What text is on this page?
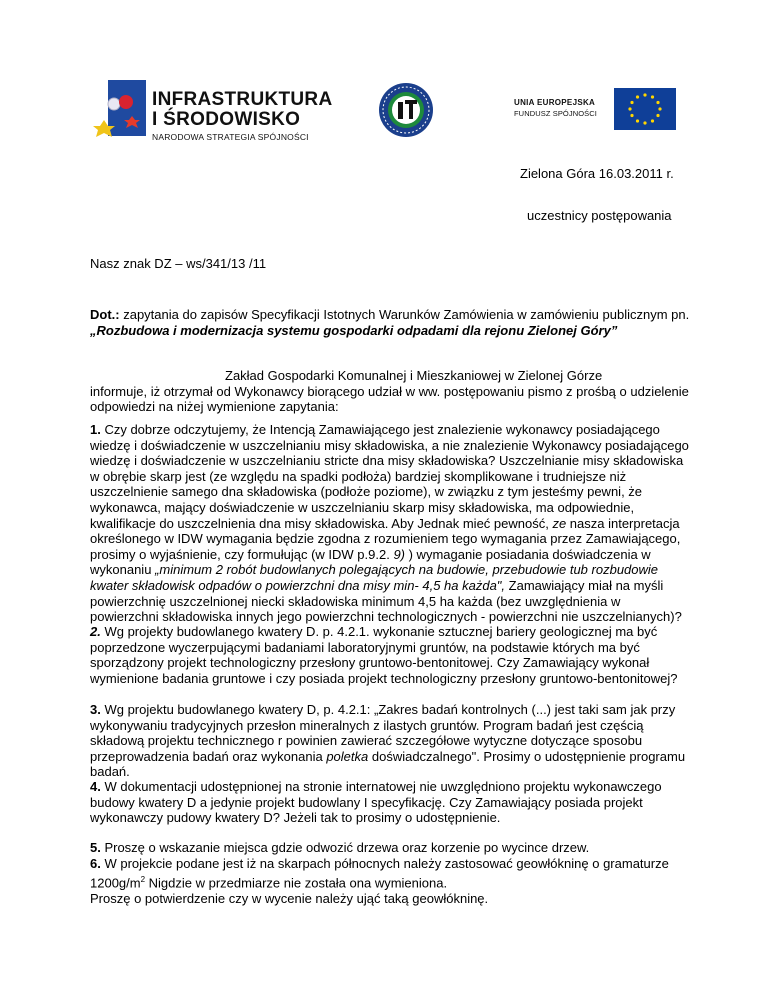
INFRASTRUKTURA
I ŚRODOWISKO
NARODOWA STRATEGIA SPÓJNOŚCI
UNIA EUROPEJSKA
FUNDUSZ SPÓJNOŚCI
Zielona Góra 16.03.2011 r.
uczestnicy postępowania
Nasz znak DZ – ws/341/13 /11
Dot.: zapytania do zapisów Specyfikacji Istotnych Warunków Zamówienia w zamówieniu publicznym pn. „Rozbudowa i modernizacja systemu gospodarki odpadami dla rejonu Zielonej Góry”
Zakład Gospodarki Komunalnej i Mieszkaniowej w Zielonej Górze
informuje, iż otrzymał od Wykonawcy biorącego udział w ww. postępowaniu pismo z prośbą o udzielenie odpowiedzi na niżej wymienione zapytania:
1. Czy dobrze odczytujemy, że Intencją Zamawiającego jest znalezienie wykonawcy posiadającego wiedzę i doświadczenie w uszczelnianiu misy składowiska, a nie znalezienie Wykonawcy posiadającego wiedzę i doświadczenie w uszczelnianiu stricte dna misy składowiska? Uszczelnianie misy składowiska w obrębie skarp jest (ze względu na spadki podłoża) bardziej skomplikowane i trudniejsze niż uszczelnienie samego dna składowiska (podłoże poziome), w związku z tym jesteśmy pewni, że wykonawca, mający doświadczenie w uszczelnianiu skarp misy składowiska, ma odpowiednie, kwalifikacje do uszczelnienia dna misy składowiska. Aby Jednak mieć pewność, ze nasza interpretacja określonego w IDW wymagania będzie zgodna z rozumieniem tego wymagania przez Zamawiającego, prosimy o wyjaśnienie, czy formułując (w IDW p.9.2. 9) ) wymaganie posiadania doświadczenia w wykonaniu „minimum 2 robót budowlanych polegających na budowie, przebudowie tub rozbudowie kwater składowisk odpadów o powierzchni dna misy min- 4,5 ha każda", Zamawiający miał na myśli powierzchnię uszczelnionej niecki składowiska minimum 4,5 ha każda (bez uwzględnienia w powierzchni składowiska innych jego powierzchni technologicznych - powierzchni nie uszczelnianych)?
2. Wg projekty budowlanego kwatery D. p. 4.2.1. wykonanie sztucznej bariery geologicznej ma być poprzedzone wyczerpującymi badaniami laboratoryjnymi gruntów, na podstawie których ma być sporządzony projekt technologiczny przesłony gruntowo-bentonitowej. Czy Zamawiający wykonał wymienione badania gruntowe i czy posiada projekt technologiczny przesłony gruntowo-bentonitowej?
3. Wg projektu budowlanego kwatery D, p. 4.2.1: „Zakres badań kontrolnych (...) jest taki sam jak przy wykonywaniu tradycyjnych przesłon mineralnych z ilastych gruntów. Program badań jest częścią składową projektu technicznego r powinien zawierać szczegółowe wytyczne dotyczące sposobu przeprowadzenia badań oraz wykonania poletka doświadczalnego". Prosimy o udostępnienie programu badań.
4. W dokumentacji udostępnionej na stronie internatowej nie uwzględniono projektu wykonawczego budowy kwatery D a jedynie projekt budowlany I specyfikację. Czy Zamawiający posiada projekt wykonawczy pudowy kwatery D? Jeżeli tak to prosimy o udostępnienie.
5. Proszę o wskazanie miejsca gdzie odwozić drzewa oraz korzenie po wycince drzew.
6. W projekcie podane jest iż na skarpach północnych należy zastosować geowłókninę o gramaturze $1200g/m^2$ Nigdzie w przedmiarze nie została ona wymieniona.
Proszę o potwierdzenie czy w wycenie należy ująć taką geowłókninę.
